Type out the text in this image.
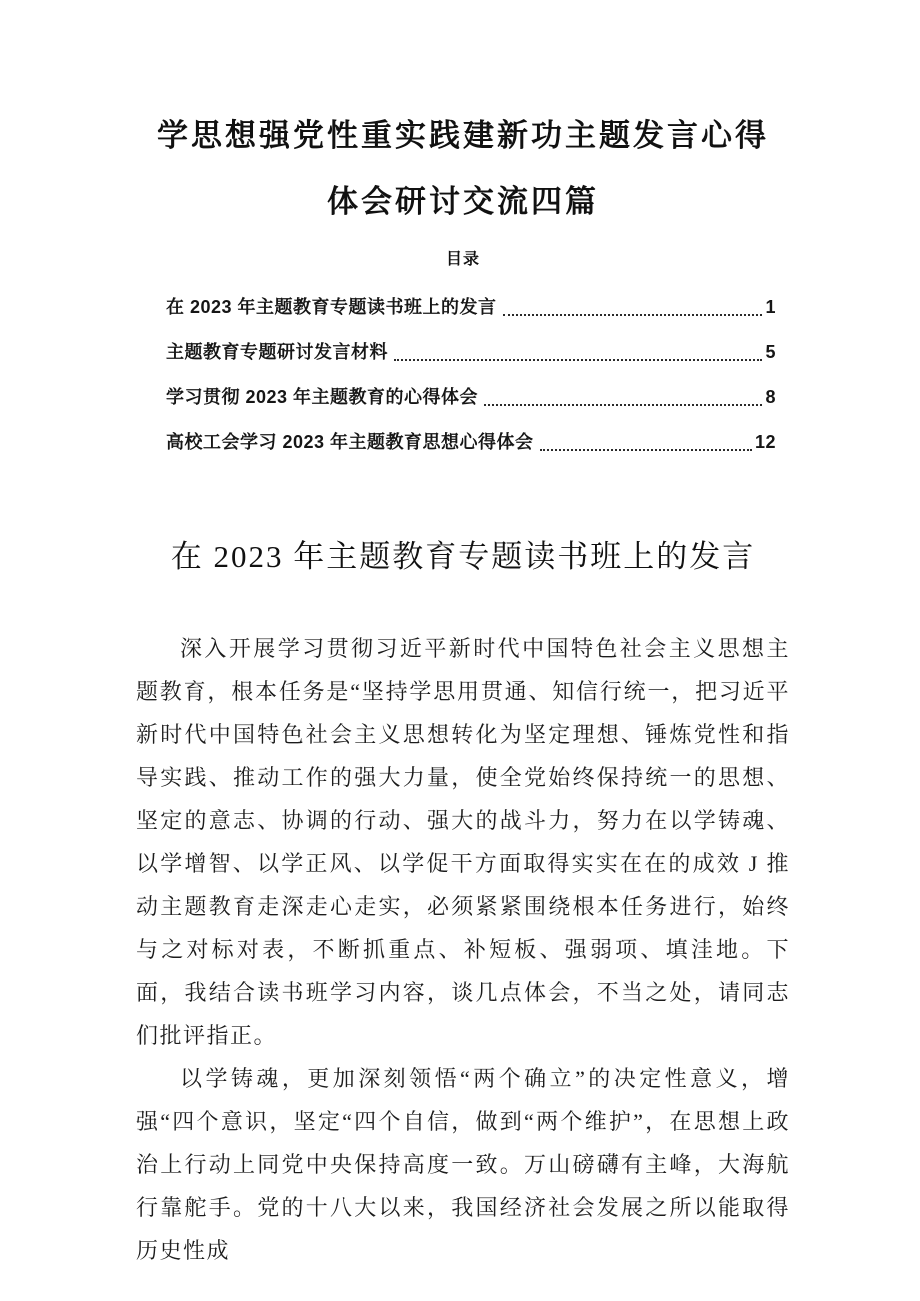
学思想强党性重实践建新功主题发言心得
体会研讨交流四篇
目录
在 2023 年主题教育专题读书班上的发言	1
主题教育专题研讨发言材料	5
学习贯彻 2023 年主题教育的心得体会	8
高校工会学习 2023 年主题教育思想心得体会	12
在 2023 年主题教育专题读书班上的发言

深入开展学习贯彻习近平新时代中国特色社会主义思想主题教育，根本任务是“坚持学思用贯通、知信行统一，把习近平新时代中国特色社会主义思想转化为坚定理想、锤炼党性和指导实践、推动工作的强大力量，使全党始终保持统一的思想、坚定的意志、协调的行动、强大的战斗力，努力在以学铸魂、以学增智、以学正风、以学促干方面取得实实在在的成效 J 推动主题教育走深走心走实，必须紧紧围绕根本任务进行，始终与之对标对表，不断抓重点、补短板、强弱项、填洼地。下面，我结合读书班学习内容，谈几点体会，不当之处，请同志们批评指正。

以学铸魂，更加深刻领悟“两个确立”的决定性意义，增强“四个意识，坚定“四个自信，做到“两个维护”，在思想上政治上行动上同党中央保持高度一致。万山磅礴有主峰，大海航行靠舵手。党的十八大以来，我国经济社会发展之所以能取得历史性成
